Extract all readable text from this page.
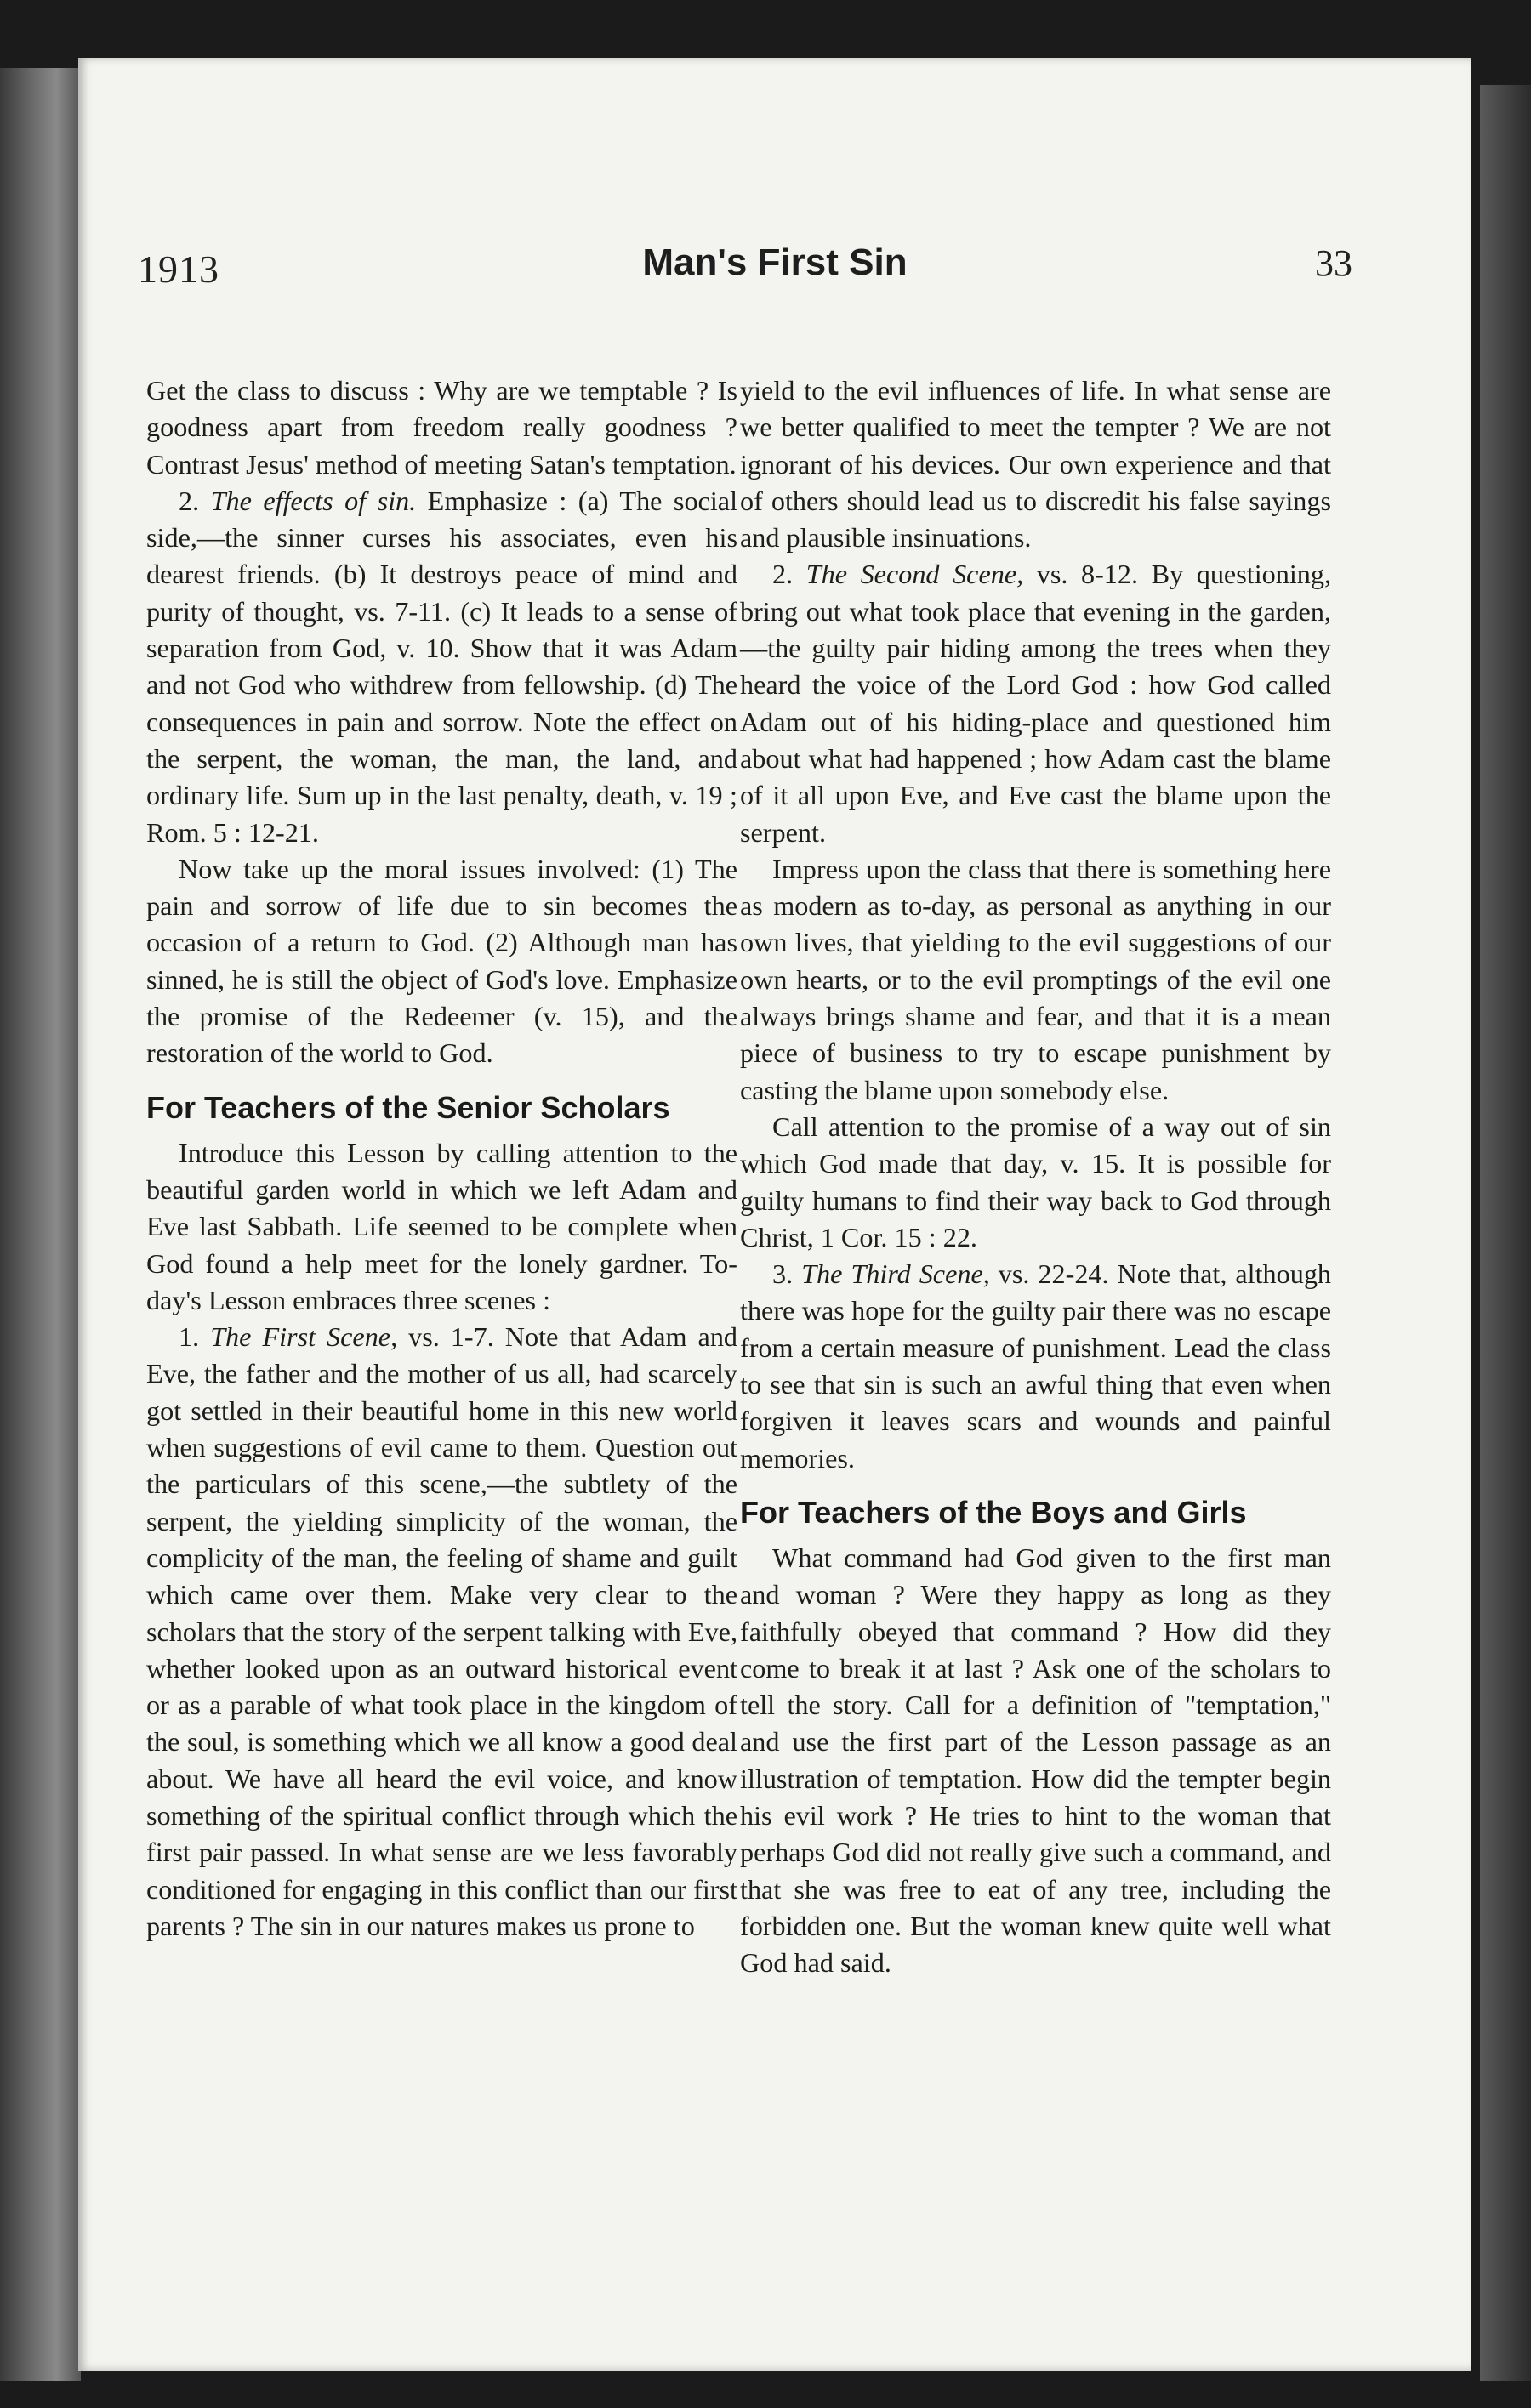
1913	Man's First Sin	33

Get the class to discuss : Why are we temptable ? Is goodness apart from freedom really goodness ? Contrast Jesus' method of meeting Satan's temptation.

2. The effects of sin. Emphasize : (a) The social side,—the sinner curses his associates, even his dearest friends. (b) It destroys peace of mind and purity of thought, vs. 7-11. (c) It leads to a sense of separation from God, v. 10. Show that it was Adam and not God who withdrew from fellowship. (d) The consequences in pain and sorrow. Note the effect on the serpent, the woman, the man, the land, and ordinary life. Sum up in the last penalty, death, v. 19 ; Rom. 5 : 12-21.

Now take up the moral issues involved: (1) The pain and sorrow of life due to sin becomes the occasion of a return to God. (2) Although man has sinned, he is still the object of God's love. Emphasize the promise of the Redeemer (v. 15), and the restoration of the world to God.

For Teachers of the Senior Scholars

Introduce this Lesson by calling attention to the beautiful garden world in which we left Adam and Eve last Sabbath. Life seemed to be complete when God found a help meet for the lonely gardner. To-day's Lesson embraces three scenes :

1. The First Scene, vs. 1-7. Note that Adam and Eve, the father and the mother of us all, had scarcely got settled in their beautiful home in this new world when suggestions of evil came to them. Question out the particulars of this scene,—the subtlety of the serpent, the yielding simplicity of the woman, the complicity of the man, the feeling of shame and guilt which came over them. Make very clear to the scholars that the story of the serpent talking with Eve, whether looked upon as an outward historical event or as a parable of what took place in the kingdom of the soul, is something which we all know a good deal about. We have all heard the evil voice, and know something of the spiritual conflict through which the first pair passed. In what sense are we less favorably conditioned for engaging in this conflict than our first parents ? The sin in our natures makes us prone to

yield to the evil influences of life. In what sense are we better qualified to meet the tempter ? We are not ignorant of his devices. Our own experience and that of others should lead us to discredit his false sayings and plausible insinuations.

2. The Second Scene, vs. 8-12. By questioning, bring out what took place that evening in the garden,—the guilty pair hiding among the trees when they heard the voice of the Lord God : how God called Adam out of his hiding-place and questioned him about what had happened ; how Adam cast the blame of it all upon Eve, and Eve cast the blame upon the serpent.

Impress upon the class that there is something here as modern as to-day, as personal as anything in our own lives, that yielding to the evil suggestions of our own hearts, or to the evil promptings of the evil one always brings shame and fear, and that it is a mean piece of business to try to escape punishment by casting the blame upon somebody else.

Call attention to the promise of a way out of sin which God made that day, v. 15. It is possible for guilty humans to find their way back to God through Christ, 1 Cor. 15 : 22.

3. The Third Scene, vs. 22-24. Note that, although there was hope for the guilty pair there was no escape from a certain measure of punishment. Lead the class to see that sin is such an awful thing that even when forgiven it leaves scars and wounds and painful memories.

For Teachers of the Boys and Girls

What command had God given to the first man and woman ? Were they happy as long as they faithfully obeyed that command ? How did they come to break it at last ? Ask one of the scholars to tell the story. Call for a definition of "temptation," and use the first part of the Lesson passage as an illustration of temptation. How did the tempter begin his evil work ? He tries to hint to the woman that perhaps God did not really give such a command, and that she was free to eat of any tree, including the forbidden one. But the woman knew quite well what God had said.
